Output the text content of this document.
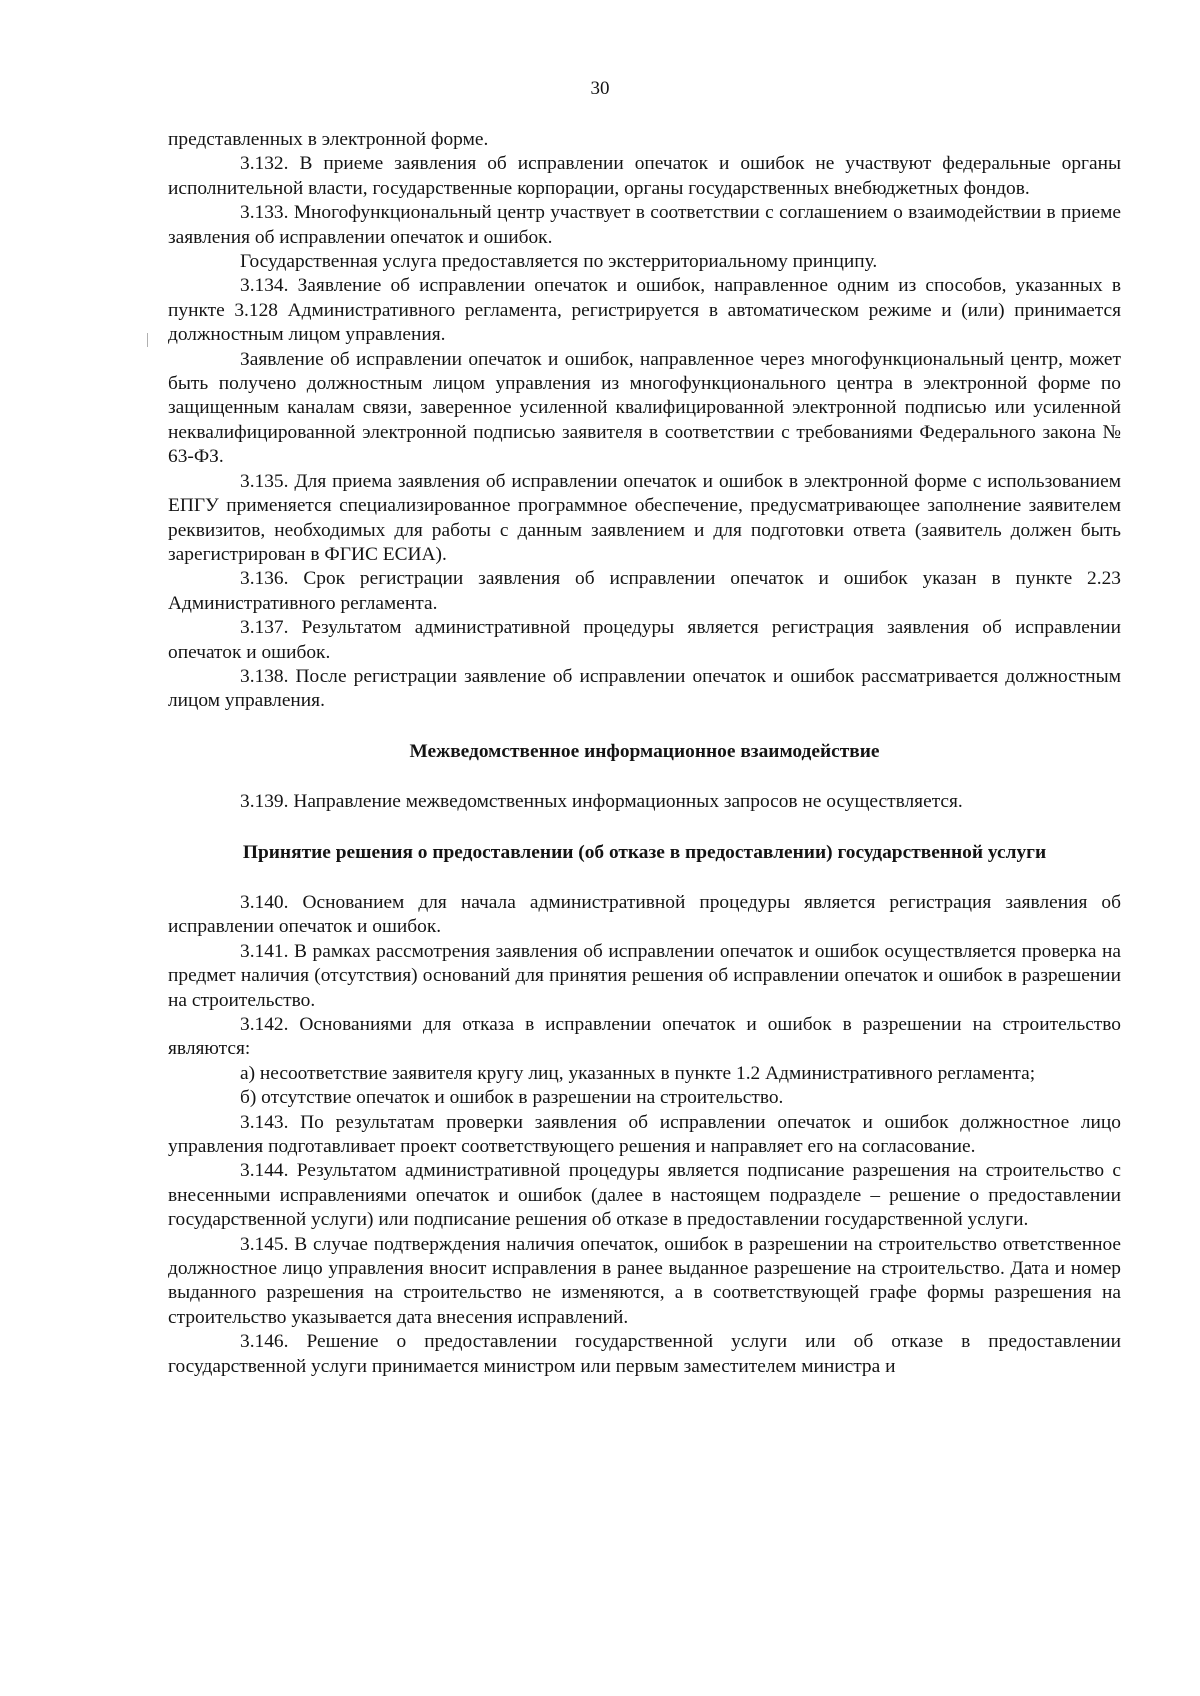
30

представленных в электронной форме.

3.132. В приеме заявления об исправлении опечаток и ошибок не участвуют федеральные органы исполнительной власти, государственные корпорации, органы государственных внебюджетных фондов.

3.133. Многофункциональный центр участвует в соответствии с соглашением о взаимодействии в приеме заявления об исправлении опечаток и ошибок.

Государственная услуга предоставляется по экстерриториальному принципу.

3.134. Заявление об исправлении опечаток и ошибок, направленное одним из способов, указанных в пункте 3.128 Административного регламента, регистрируется в автоматическом режиме и (или) принимается должностным лицом управления.

Заявление об исправлении опечаток и ошибок, направленное через многофункциональный центр, может быть получено должностным лицом управления из многофункционального центра в электронной форме по защищенным каналам связи, заверенное усиленной квалифицированной электронной подписью или усиленной неквалифицированной электронной подписью заявителя в соответствии с требованиями Федерального закона № 63-ФЗ.

3.135. Для приема заявления об исправлении опечаток и ошибок в электронной форме с использованием ЕПГУ применяется специализированное программное обеспечение, предусматривающее заполнение заявителем реквизитов, необходимых для работы с данным заявлением и для подготовки ответа (заявитель должен быть зарегистрирован в ФГИС ЕСИА).

3.136. Срок регистрации заявления об исправлении опечаток и ошибок указан в пункте 2.23 Административного регламента.

3.137. Результатом административной процедуры является регистрация заявления об исправлении опечаток и ошибок.

3.138. После регистрации заявление об исправлении опечаток и ошибок рассматривается должностным лицом управления.

Межведомственное информационное взаимодействие

3.139. Направление межведомственных информационных запросов не осуществляется.

Принятие решения о предоставлении (об отказе в предоставлении) государственной услуги

3.140. Основанием для начала административной процедуры является регистрация заявления об исправлении опечаток и ошибок.

3.141. В рамках рассмотрения заявления об исправлении опечаток и ошибок осуществляется проверка на предмет наличия (отсутствия) оснований для принятия решения об исправлении опечаток и ошибок в разрешении на строительство.

3.142. Основаниями для отказа в исправлении опечаток и ошибок в разрешении на строительство являются:

а) несоответствие заявителя кругу лиц, указанных в пункте 1.2 Административного регламента;

б) отсутствие опечаток и ошибок в разрешении на строительство.

3.143. По результатам проверки заявления об исправлении опечаток и ошибок должностное лицо управления подготавливает проект соответствующего решения и направляет его на согласование.

3.144. Результатом административной процедуры является подписание разрешения на строительство с внесенными исправлениями опечаток и ошибок (далее в настоящем подразделе – решение о предоставлении государственной услуги) или подписание решения об отказе в предоставлении государственной услуги.

3.145. В случае подтверждения наличия опечаток, ошибок в разрешении на строительство ответственное должностное лицо управления вносит исправления в ранее выданное разрешение на строительство. Дата и номер выданного разрешения на строительство не изменяются, а в соответствующей графе формы разрешения на строительство указывается дата внесения исправлений.

3.146. Решение о предоставлении государственной услуги или об отказе в предоставлении государственной услуги принимается министром или первым заместителем министра и
